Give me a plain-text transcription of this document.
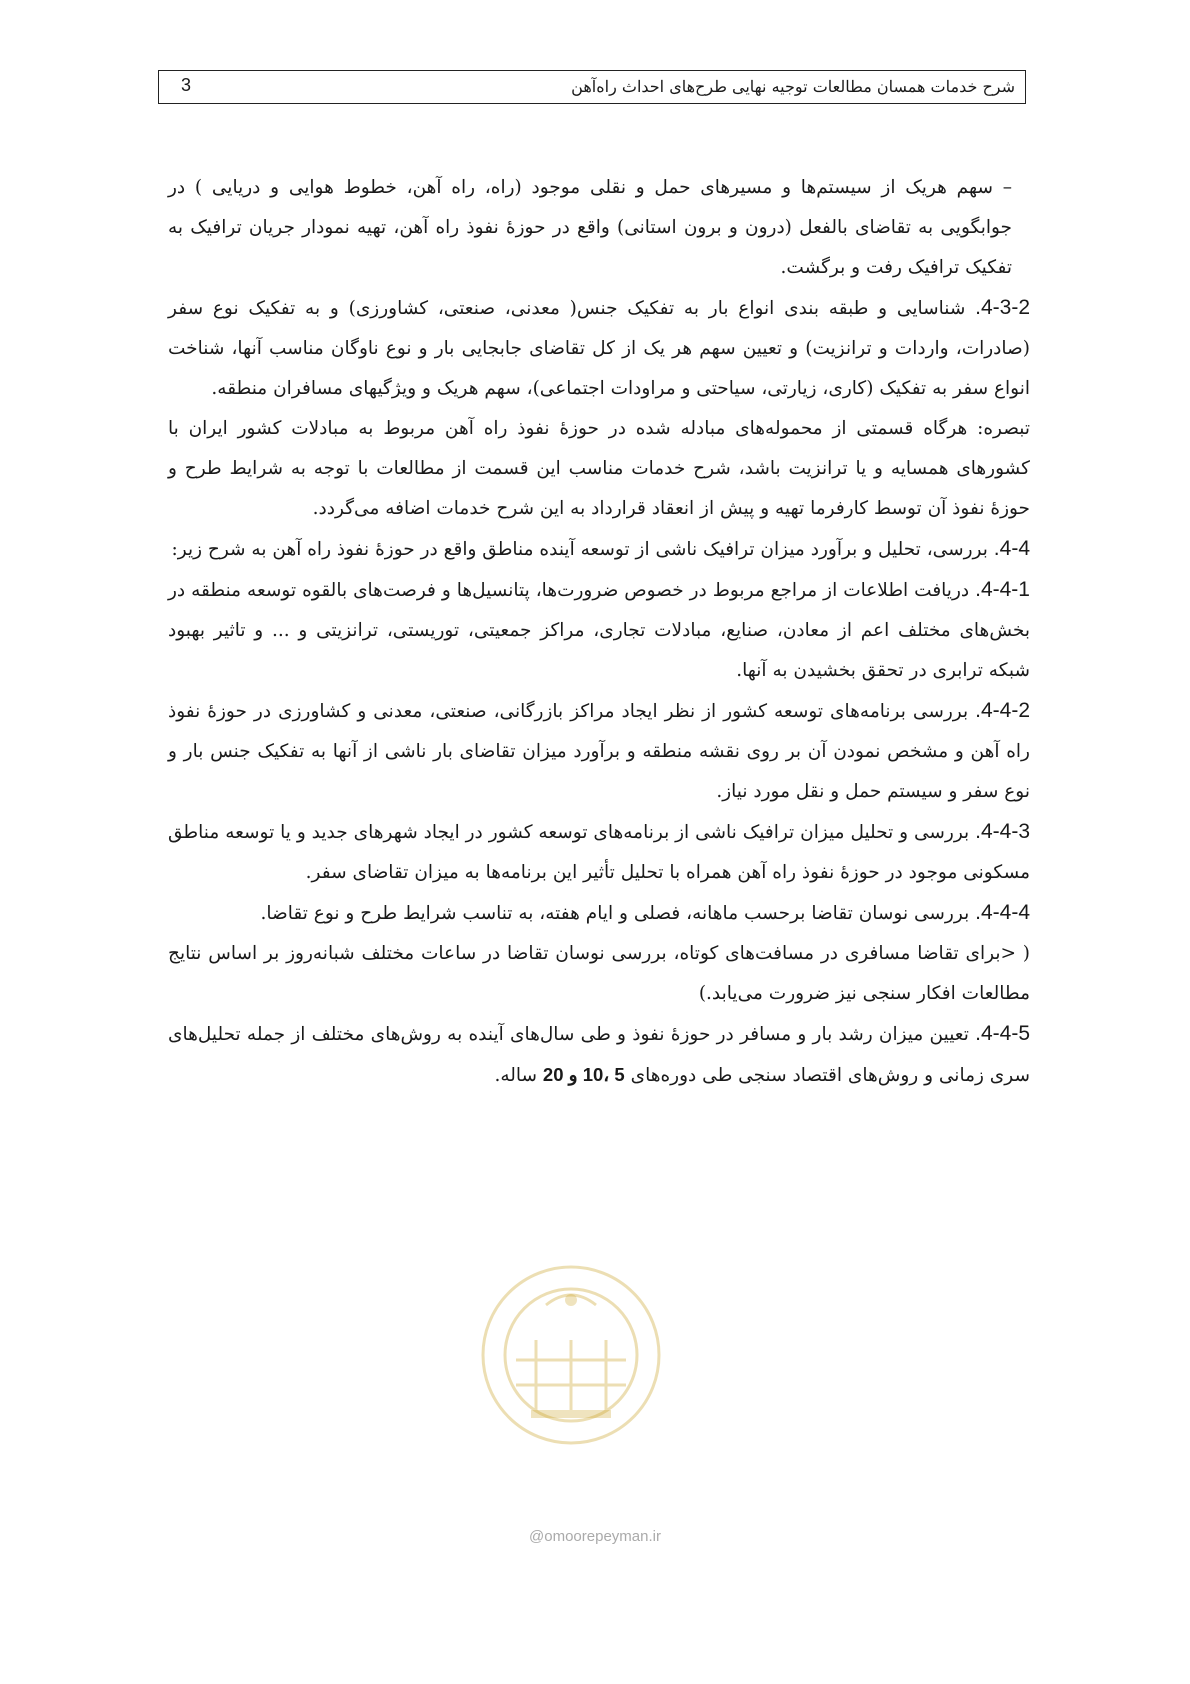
شرح خدمات همسان مطالعات توجیه نهایی طرح‌های احداث راه‌آهن
3

– سهم هریک از سیستم‌ها و مسیرهای حمل و نقلی موجود (راه، راه آهن، خطوط هوایی و دریایی ) در جوابگویی به تقاضای بالفعل (درون و برون استانی) واقع در حوزهٔ نفوذ راه آهن، تهیه نمودار جریان ترافیک به تفکیک ترافیک رفت و برگشت.

4-3-2. شناسایی و طبقه بندی انواع بار به تفکیک جنس( معدنی، صنعتی، کشاورزی) و به تفکیک نوع سفر (صادرات، واردات و ترانزیت) و تعیین سهم هر یک از کل تقاضای جابجایی بار و نوع ناوگان مناسب آنها، شناخت انواع سفر به تفکیک (کاری، زیارتی، سیاحتی و مراودات اجتماعی)، سهم هریک و ویژگیهای مسافران منطقه.

تبصره: هرگاه قسمتی از محموله‌های مبادله شده در حوزهٔ نفوذ راه آهن مربوط به مبادلات کشور ایران با کشورهای همسایه و یا ترانزیت باشد، شرح خدمات مناسب این قسمت از مطالعات با توجه به شرایط طرح و حوزهٔ نفوذ آن توسط کارفرما تهیه و پیش از انعقاد قرارداد به این شرح خدمات اضافه می‌گردد.

4-4. بررسی، تحلیل و برآورد میزان ترافیک ناشی از توسعه آینده مناطق واقع در حوزهٔ نفوذ راه آهن به شرح زیر:

4-4-1. دریافت اطلاعات از مراجع مربوط در خصوص ضرورت‌ها، پتانسیل‌ها و فرصت‌های بالقوه توسعه منطقه در بخش‌های مختلف اعم از معادن، صنایع، مبادلات تجاری، مراکز جمعیتی، توریستی، ترانزیتی و ... و تاثیر بهبود شبکه ترابری در تحقق بخشیدن به آنها.

4-4-2. بررسی برنامه‌های توسعه کشور از نظر ایجاد مراکز بازرگانی، صنعتی، معدنی و کشاورزی در حوزهٔ نفوذ راه آهن و مشخص نمودن آن بر روی نقشه منطقه و برآورد میزان تقاضای بار ناشی از آنها به تفکیک جنس بار و نوع سفر و سیستم حمل و نقل مورد نیاز.

4-4-3. بررسی و تحلیل میزان ترافیک ناشی از برنامه‌های توسعه کشور در ایجاد شهرهای جدید و یا توسعه مناطق مسکونی موجود در حوزهٔ نفوذ راه آهن همراه با تحلیل تأثیر این برنامه‌ها به میزان تقاضای سفر.

4-4-4. بررسی نوسان تقاضا برحسب ماهانه، فصلی و ایام هفته، به تناسب شرایط طرح و نوع تقاضا.

( <برای تقاضا مسافری در مسافت‌های کوتاه، بررسی نوسان تقاضا در ساعات مختلف شبانه‌روز بر اساس نتایج مطالعات افکار سنجی نیز ضرورت می‌یابد.)

4-4-5. تعیین میزان رشد بار و مسافر در حوزهٔ نفوذ و طی سال‌های آینده به روش‌های مختلف از جمله تحلیل‌های سری زمانی و روش‌های اقتصاد سنجی طی دوره‌های 5 ،10 و 20 ساله.

@omoorepeyman.ir
